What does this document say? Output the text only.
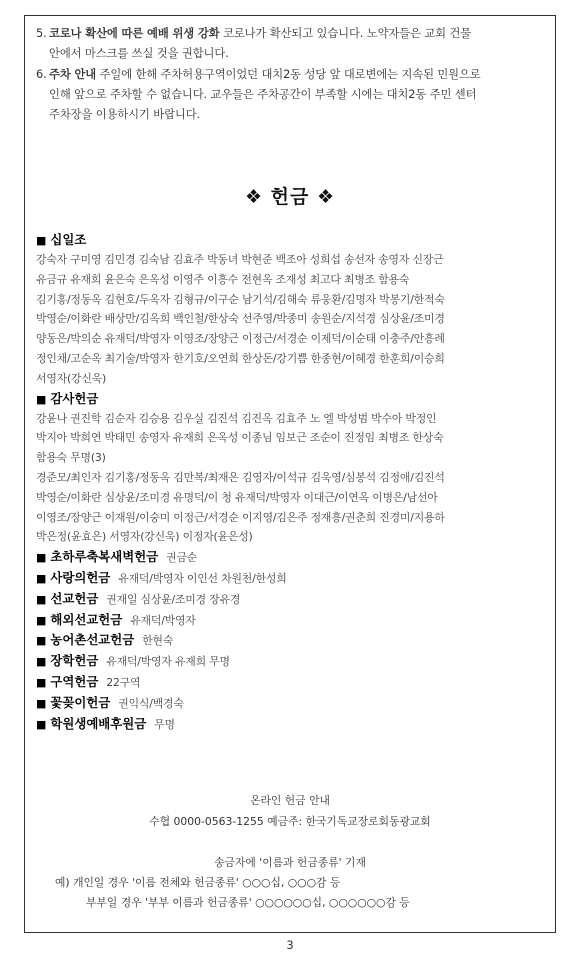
5. 코로나 확산에 따른 예배 위생 강화 코로나가 확산되고 있습니다. 노약자들은 교회 건물
안에서 마스크를 쓰실 것을 권합니다.
6. 주차 안내 주일에 한해 주차허용구역이었던 대치2동 성당 앞 대로변에는 지속된 민원으로
인해 앞으로 주차할 수 없습니다. 교우들은 주차공간이 부족할 시에는 대치2동 주민 센터
주차장을 이용하시기 바랍니다.
❖ 헌금 ❖
■ 십일조

강숙자 구미영 김민경 김숙남 김효주 박동녀 박현준 백조아 성희섭 송선자 송영자 신장근

유금규 유재희 윤은숙 은옥성 이영주 이흥수 전현옥 조재성 최고다 최병조 함용숙

김기홍/정동옥 김현호/두옥자 김형규/이구순 남기석/김해숙 류웅환/김명자 박봉기/한적숙

박영순/이화란 배상만/김옥희 백인철/한상숙 선주영/박종미 송원순/지석경 심상윤/조미경

양동은/박의순 유재덕/박영자 이영조/장양근 이정근/서경순 이제덕/이순태 이충주/안흥례

정인채/고순옥 최기술/박영자 한기호/오연희 한상돈/강기쁨 한종현/이혜경 한훈희/이승희

서영자(강신욱)

■ 감사헌금

강윤나 권진학 김순자 김승용 김우실 김진석 김진옥 김효주 노 엘 박성범 박수아 박정인

박지아 박희연 박태민 송영자 유재희 은옥성 이종님 임보근 조순이 진정임 최병조 한상숙

함용숙 무명(3)

경준모/최인자 김기홍/정동옥 김만복/최재은 김영자/이석규 김욱영/심봉석 김정애/김진석

박영순/이화란 심상윤/조미경 유명덕/이 청 유재덕/박영자 이대근/이연옥 이병은/남선아

이영조/장양근 이재원/이숭미 이정근/서경순 이지영/김은주 정재흥/권춘희 진경미/지용하

박은정(윤효은) 서영자(강신욱) 이정자(윤은성)

■ 초하루축복새벽헌금 권금순
■ 사랑의헌금 유재덕/박영자 이인선 차원천/한성희
■ 선교헌금 권재일 심상윤/조미경 장유경
■ 해외선교헌금 유재덕/박영자
■ 농어촌선교헌금 한현숙
■ 장학헌금 유재덕/박영자 유재희 무명
■ 구역헌금 22구역
■ 꽃꽂이헌금 권익식/백경숙
■ 학원생예배후원금 무명
온라인 헌금 안내
수협 0000-0563-1255 예금주: 한국기독교장로회동광교회
송금자에 '이름과 헌금종류' 기재
예) 개인일 경우 '이름 전체와 헌금종류' ○○○십, ○○○감 등
부부일 경우 '부부 이름과 헌금종류' ○○○○○○십, ○○○○○○감 등
3
